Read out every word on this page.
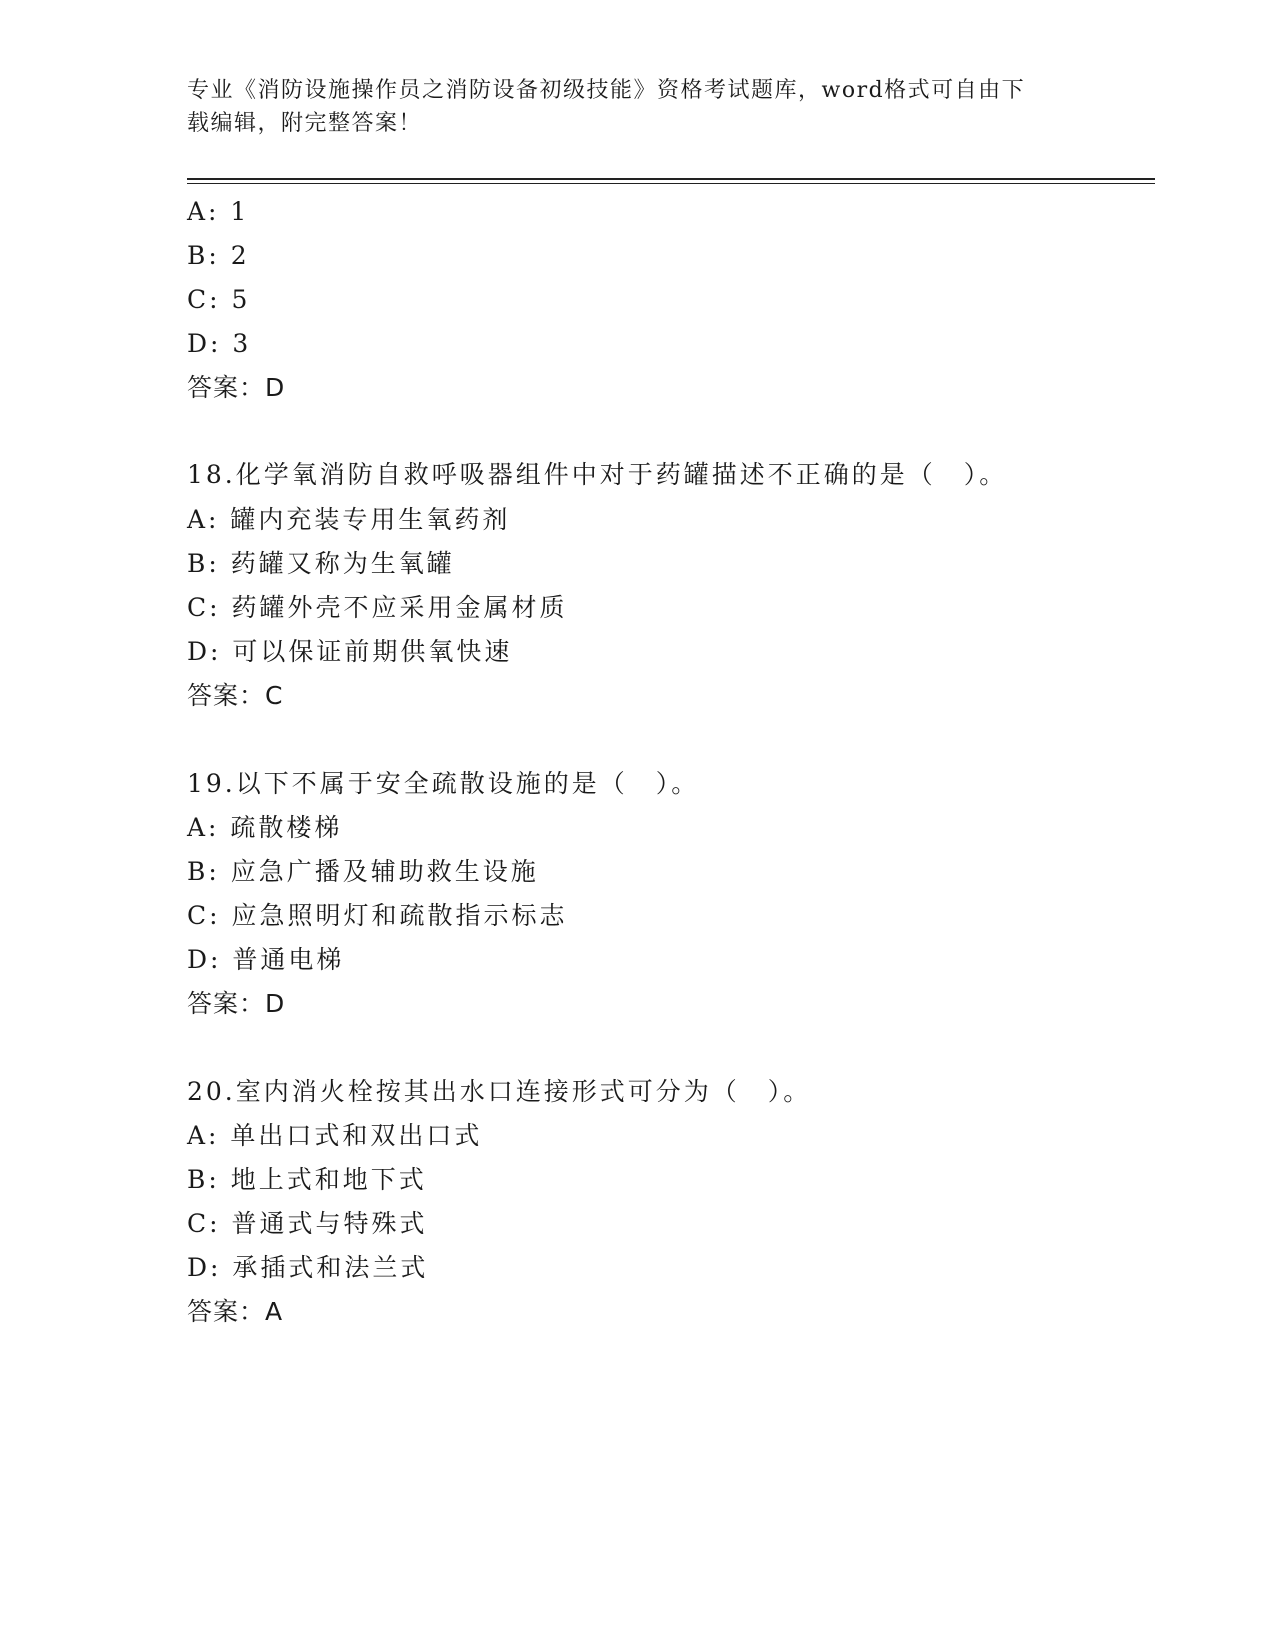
专业《消防设施操作员之消防设备初级技能》资格考试题库，word格式可自由下
载编辑，附完整答案！
A: 1
B: 2
C: 5
D: 3
答案：D
18.化学氧消防自救呼吸器组件中对于药罐描述不正确的是（　）。
A: 罐内充装专用生氧药剂
B: 药罐又称为生氧罐
C: 药罐外壳不应采用金属材质
D: 可以保证前期供氧快速
答案：C
19.以下不属于安全疏散设施的是（　）。
A: 疏散楼梯
B: 应急广播及辅助救生设施
C: 应急照明灯和疏散指示标志
D: 普通电梯
答案：D
20.室内消火栓按其出水口连接形式可分为（　）。
A: 单出口式和双出口式
B: 地上式和地下式
C: 普通式与特殊式
D: 承插式和法兰式
答案：A
